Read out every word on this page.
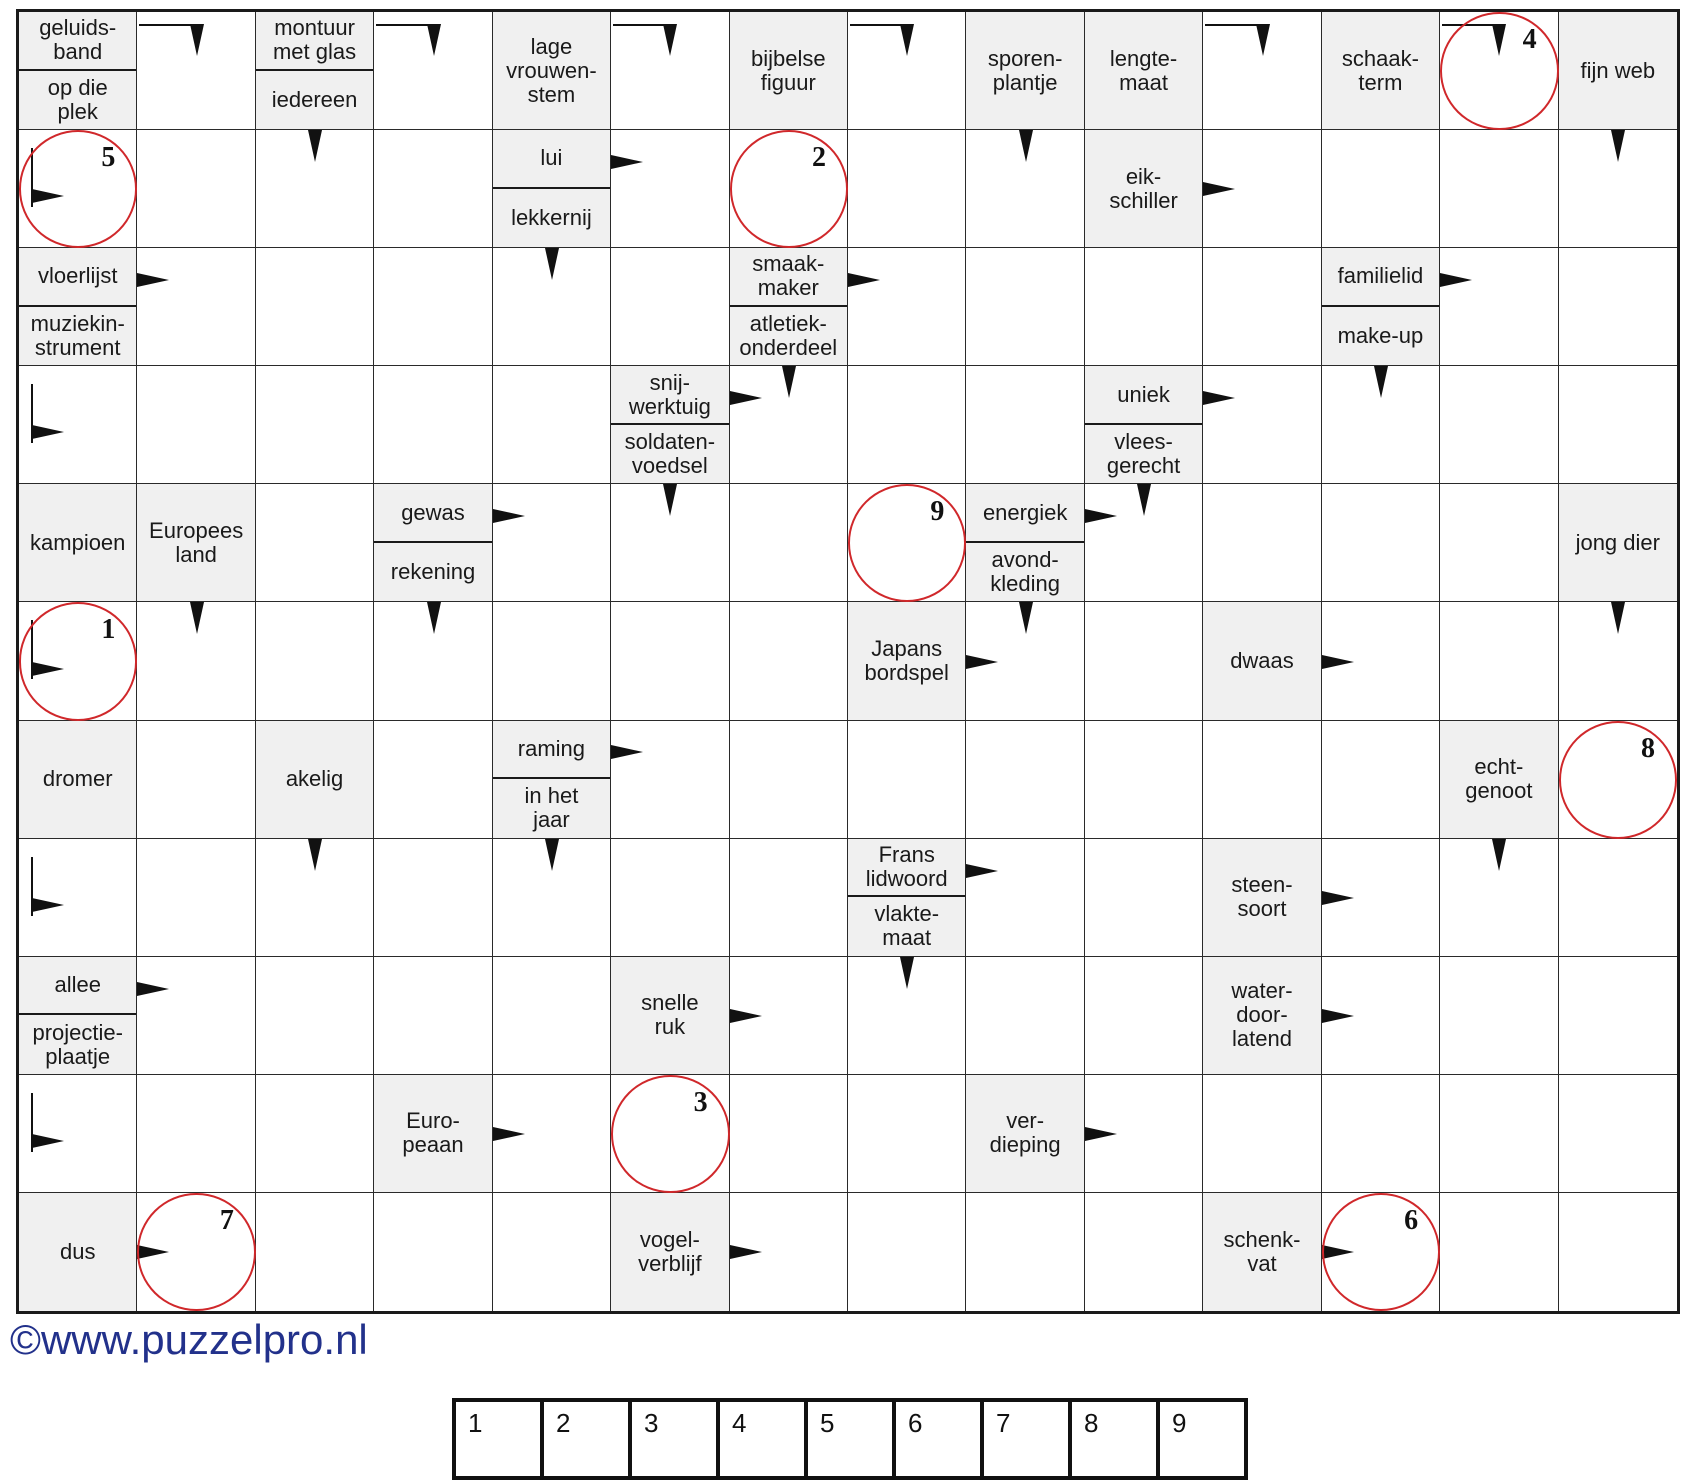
geluids-
band
op die
plek
montuur
met glas
iedereen
lage
vrouwen-
stem
bijbelse
figuur
sporen-
plantje
lengte-
maat
schaak-
term	fijn web
lui
lekkernij
eik-
schiller
vloerlijst
muziekin-
strument
smaak-
maker
atletiek-
onderdeel
familielid
make-up
snij-
werktuig
soldaten-
voedsel
uniek
vlees-
gerecht
kampioen	Europees
land
gewas
rekening
energiek
avond-
kleding
jong dier
Japans
bordspel	dwaas
dromer	akelig
raming
in het
jaar
echt-
genoot
Frans
lidwoord
vlakte-
maat
steen-
soort
allee
projectie-
plaatje
snelle
ruk
water-
door-
latend
Euro-
peaan
ver-
dieping
dus	vogel-
verblijf
schenk-
vat
1
2
3
4
5
6
7
8
9
©www.puzzelpro.nl
1	2	3	4	5	6	7	8	9
